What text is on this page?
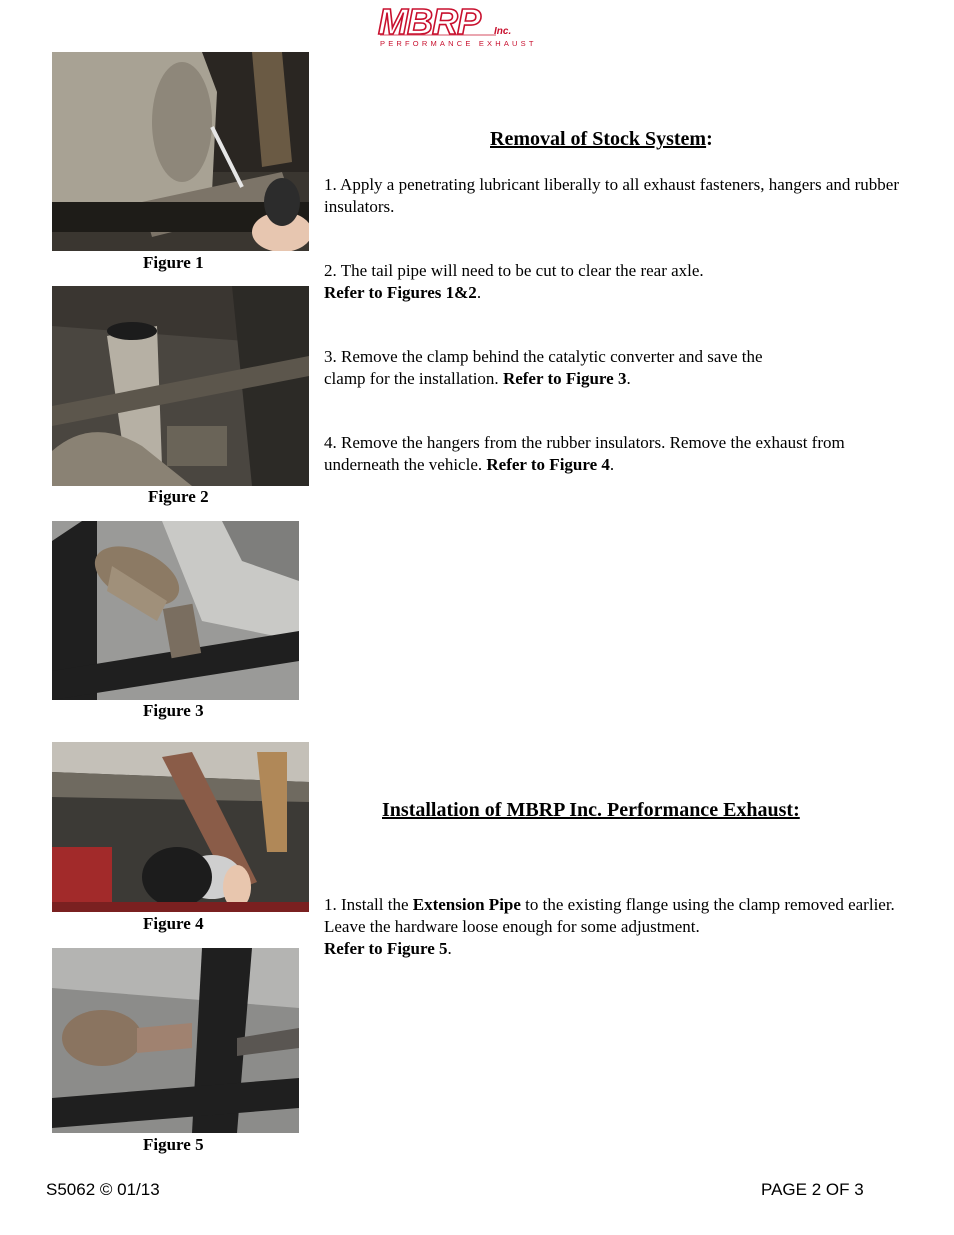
MBRP Inc.
PERFORMANCE EXHAUST
Figure 1
Figure 2
Figure 3
Figure 4
Figure 5
Removal of Stock System:
1. Apply a penetrating lubricant liberally to all exhaust fasteners, hangers and rubber insulators.
2. The tail pipe will need to be cut to clear the rear axle.
Refer to Figures 1&2.
3. Remove the clamp behind the catalytic converter and save the
clamp for the installation. Refer to Figure 3.
4. Remove the hangers from the rubber insulators. Remove the exhaust from underneath the vehicle. Refer to Figure 4.
Installation of MBRP Inc. Performance Exhaust:
1. Install the Extension Pipe to the existing flange using the clamp removed earlier. Leave the hardware loose enough for some adjustment.
Refer to Figure 5.
S5062 © 01/13	PAGE 2 OF 3
